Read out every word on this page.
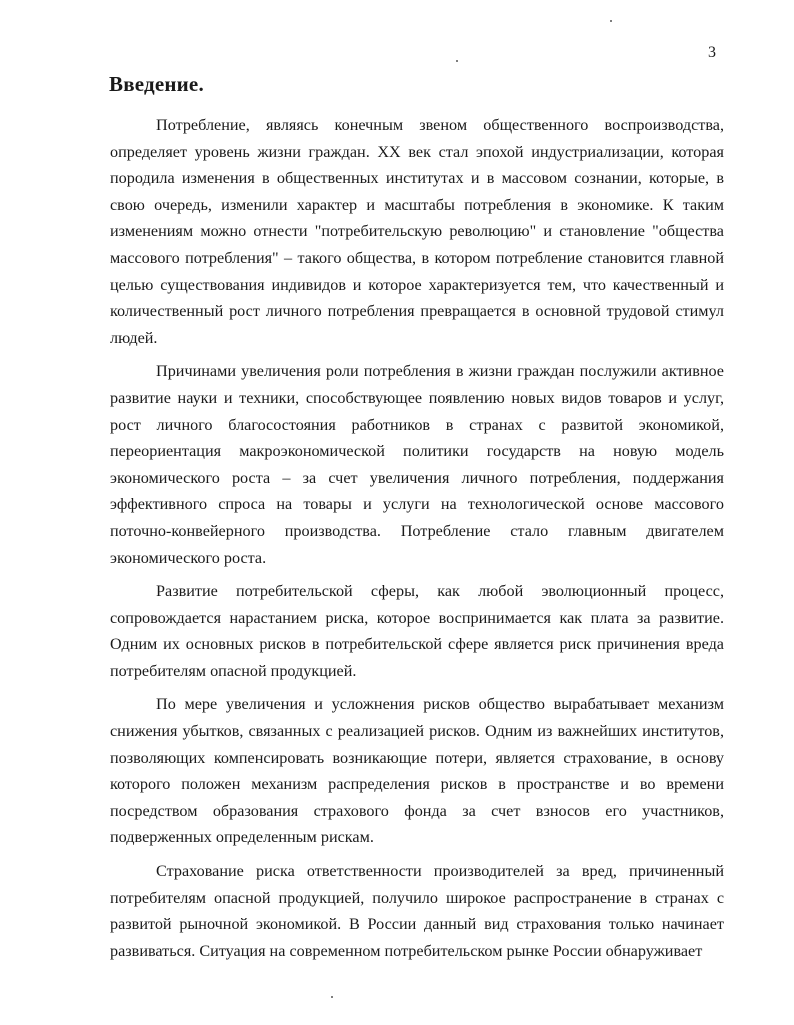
3
Введение.

Потребление, являясь конечным звеном общественного воспроизводства, определяет уровень жизни граждан. XX век стал эпохой индустриализации, которая породила изменения в общественных институтах и в массовом сознании, которые, в свою очередь, изменили характер и масштабы потребления в экономике. К таким изменениям можно отнести "потребительскую революцию" и становление "общества массового потребления" – такого общества, в котором потребление становится главной целью существования индивидов и которое характеризуется тем, что качественный и количественный рост личного потребления превращается в основной трудовой стимул людей.

Причинами увеличения роли потребления в жизни граждан послужили активное развитие науки и техники, способствующее появлению новых видов товаров и услуг, рост личного благосостояния работников в странах с развитой экономикой, переориентация макроэкономической политики государств на новую модель экономического роста – за счет увеличения личного потребления, поддержания эффективного спроса на товары и услуги на технологической основе массового поточно-конвейерного производства. Потребление стало главным двигателем экономического роста.

Развитие потребительской сферы, как любой эволюционный процесс, сопровождается нарастанием риска, которое воспринимается как плата за развитие. Одним их основных рисков в потребительской сфере является риск причинения вреда потребителям опасной продукцией.

По мере увеличения и усложнения рисков общество вырабатывает механизм снижения убытков, связанных с реализацией рисков. Одним из важнейших институтов, позволяющих компенсировать возникающие потери, является страхование, в основу которого положен механизм распределения рисков в пространстве и во времени посредством образования страхового фонда за счет взносов его участников, подверженных определенным рискам.

Страхование риска ответственности производителей за вред, причиненный потребителям опасной продукцией, получило широкое распространение в странах с развитой рыночной экономикой. В России данный вид страхования только начинает развиваться. Ситуация на современном потребительском рынке России обнаруживает
